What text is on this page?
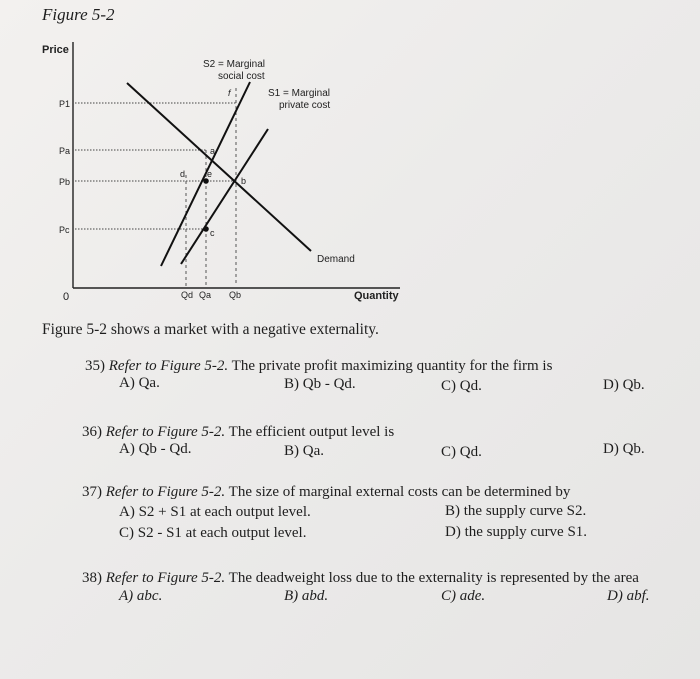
Figure 5-2
Price
Quantity
0
P1
Pa
Pb
Pc
Qd Qa Qb
S2 = Marginal
social cost
S1 = Marginal
private cost
Demand
f
a
d e
b
c
Figure 5-2 shows a market with a negative externality.
35) Refer to Figure 5-2. The private profit maximizing quantity for the firm is
A) Qa.	B) Qb - Qd.	C) Qd.	D) Qb.
36) Refer to Figure 5-2. The efficient output level is
A) Qb - Qd.	B) Qa.	C) Qd.	D) Qb.
37) Refer to Figure 5-2. The size of marginal external costs can be determined by
A) S2 + S1 at each output level.	B) the supply curve S2.
C) S2 - S1 at each output level.	D) the supply curve S1.
38) Refer to Figure 5-2. The deadweight loss due to the externality is represented by the area
A) abc.	B) abd.	C) ade.	D) abf.
